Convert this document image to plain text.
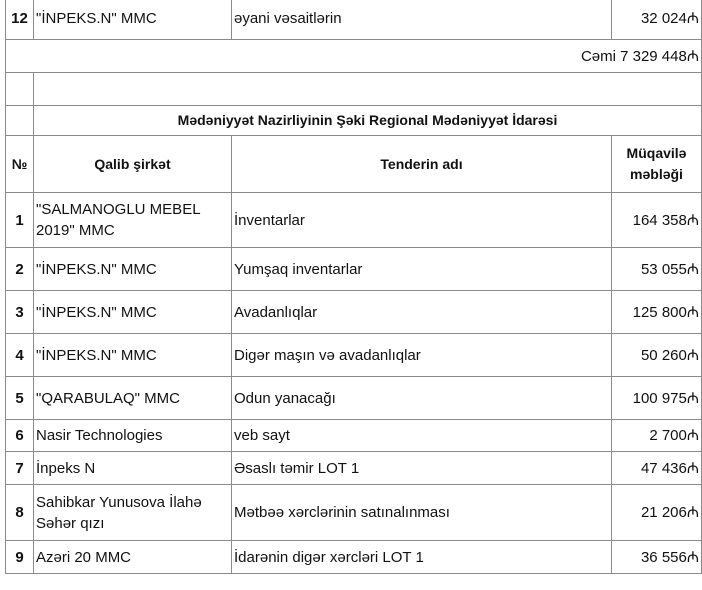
12	"İNPEKS.N" MMC	əyani vəsaitlərin	32 024₼
Cəmi 7 329 448₼			

	Mədəniyyət Nazirliyinin Şəki Regional Mədəniyyət İdarəsi		
№	Qalib şirkət	Tenderin adı	Müqavilə məbləği
1	"SALMANOGLU MEBEL 2019" MMC	İnventarlar	164 358₼
2	"İNPEKS.N" MMC	Yumşaq inventarlar	53 055₼
3	"İNPEKS.N" MMC	Avadanlıqlar	125 800₼
4	"İNPEKS.N" MMC	Digər maşın və avadanlıqlar	50 260₼
5	"QARABULAQ" MMC	Odun yanacağı	100 975₼
6	Nasir Technologies	veb sayt	2 700₼
7	İnpeks N	Əsaslı təmir LOT 1	47 436₼
8	Sahibkar Yunusova İlahə Səhər qızı	Mətbəə xərclərinin satınalınması	21 206₼
9	Azəri 20 MMC	İdarənin digər xərcləri LOT 1	36 556₼
